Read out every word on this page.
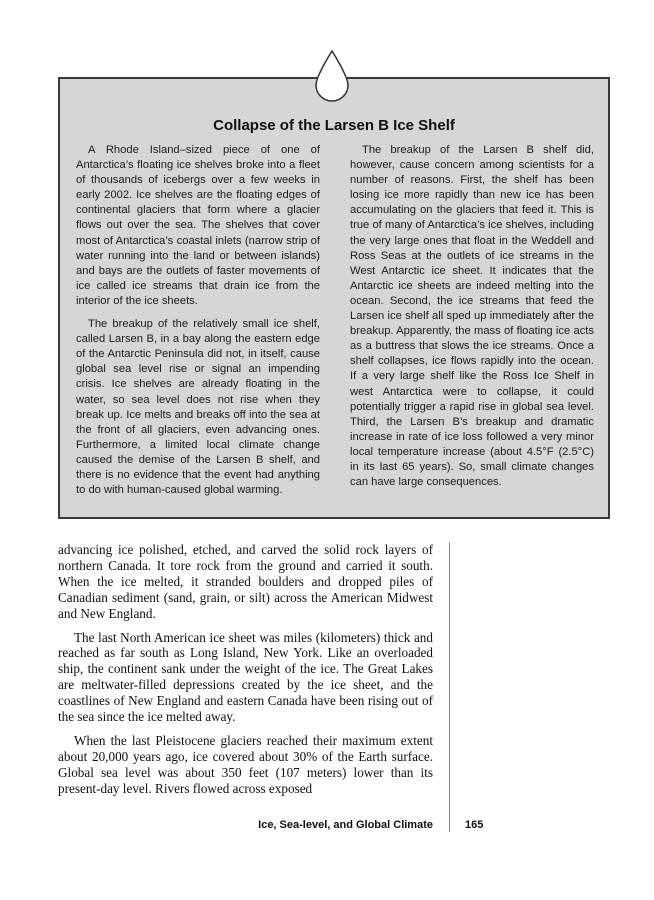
Collapse of the Larsen B Ice Shelf

A Rhode Island–sized piece of one of Antarctica’s floating ice shelves broke into a fleet of thousands of icebergs over a few weeks in early 2002. Ice shelves are the floating edges of continental glaciers that form where a glacier flows out over the sea. The shelves that cover most of Antarctica’s coastal inlets (narrow strip of water running into the land or between islands) and bays are the outlets of faster movements of ice called ice streams that drain ice from the interior of the ice sheets.

The breakup of the relatively small ice shelf, called Larsen B, in a bay along the eastern edge of the Antarctic Peninsula did not, in itself, cause global sea level rise or signal an impending crisis. Ice shelves are already floating in the water, so sea level does not rise when they break up. Ice melts and breaks off into the sea at the front of all glaciers, even advancing ones. Furthermore, a limited local climate change caused the demise of the Larsen B shelf, and there is no evidence that the event had anything to do with human-caused global warming.

The breakup of the Larsen B shelf did, however, cause concern among scientists for a number of reasons. First, the shelf has been losing ice more rapidly than new ice has been accumulating on the glaciers that feed it. This is true of many of Antarctica’s ice shelves, including the very large ones that float in the Weddell and Ross Seas at the outlets of ice streams in the West Antarctic ice sheet. It indicates that the Antarctic ice sheets are indeed melting into the ocean. Second, the ice streams that feed the Larsen ice shelf all sped up immediately after the breakup. Apparently, the mass of floating ice acts as a buttress that slows the ice streams. Once a shelf collapses, ice flows rapidly into the ocean. If a very large shelf like the Ross Ice Shelf in west Antarctica were to collapse, it could potentially trigger a rapid rise in global sea level. Third, the Larsen B’s breakup and dramatic increase in rate of ice loss followed a very minor local temperature increase (about 4.5°F (2.5°C) in its last 65 years). So, small climate changes can have large consequences.

advancing ice polished, etched, and carved the solid rock layers of northern Canada. It tore rock from the ground and carried it south. When the ice melted, it stranded boulders and dropped piles of Canadian sediment (sand, grain, or silt) across the American Midwest and New England.

The last North American ice sheet was miles (kilometers) thick and reached as far south as Long Island, New York. Like an overloaded ship, the continent sank under the weight of the ice. The Great Lakes are meltwater-filled depressions created by the ice sheet, and the coastlines of New England and eastern Canada have been rising out of the sea since the ice melted away.

When the last Pleistocene glaciers reached their maximum extent about 20,000 years ago, ice covered about 30% of the Earth surface. Global sea level was about 350 feet (107 meters) lower than its present-day level. Rivers flowed across exposed

Ice, Sea-level, and Global Climate	165
